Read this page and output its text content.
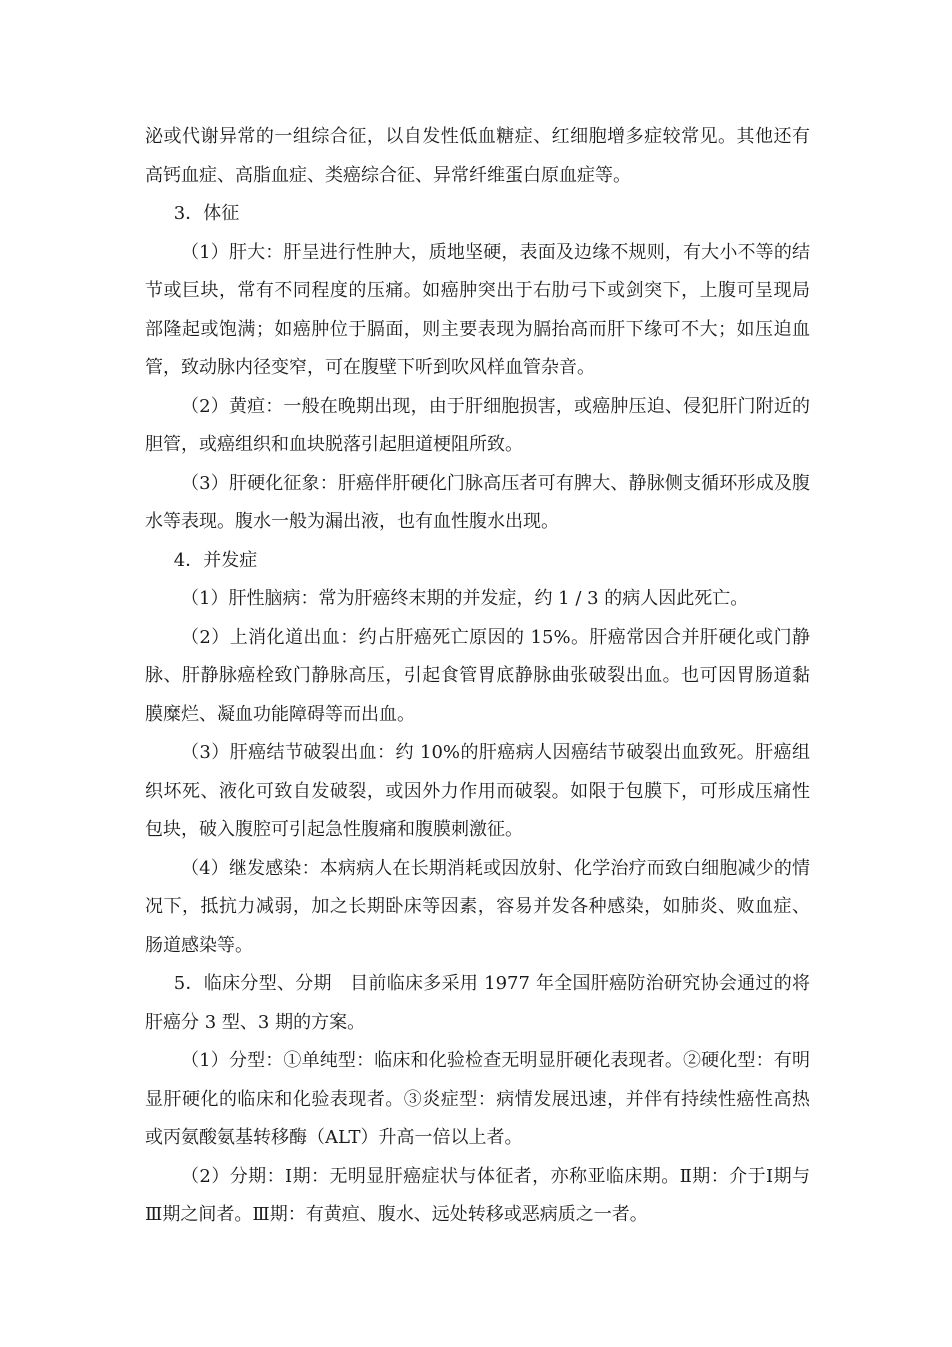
泌或代谢异常的一组综合征，以自发性低血糖症、红细胞增多症较常见。其他还有高钙血症、高脂血症、类癌综合征、异常纤维蛋白原血症等。

3．体征

（1）肝大：肝呈进行性肿大，质地坚硬，表面及边缘不规则，有大小不等的结节或巨块，常有不同程度的压痛。如癌肿突出于右肋弓下或剑突下，上腹可呈现局部隆起或饱满；如癌肿位于膈面，则主要表现为膈抬高而肝下缘可不大；如压迫血管，致动脉内径变窄，可在腹壁下听到吹风样血管杂音。

（2）黄疸：一般在晚期出现，由于肝细胞损害，或癌肿压迫、侵犯肝门附近的胆管，或癌组织和血块脱落引起胆道梗阻所致。

（3）肝硬化征象：肝癌伴肝硬化门脉高压者可有脾大、静脉侧支循环形成及腹水等表现。腹水一般为漏出液，也有血性腹水出现。

4．并发症

（1）肝性脑病：常为肝癌终末期的并发症，约 1 / 3 的病人因此死亡。

（2）上消化道出血：约占肝癌死亡原因的 15%。肝癌常因合并肝硬化或门静脉、肝静脉癌栓致门静脉高压，引起食管胃底静脉曲张破裂出血。也可因胃肠道黏膜糜烂、凝血功能障碍等而出血。

（3）肝癌结节破裂出血：约 10%的肝癌病人因癌结节破裂出血致死。肝癌组织坏死、液化可致自发破裂，或因外力作用而破裂。如限于包膜下，可形成压痛性包块，破入腹腔可引起急性腹痛和腹膜刺激征。

（4）继发感染：本病病人在长期消耗或因放射、化学治疗而致白细胞减少的情况下，抵抗力减弱，加之长期卧床等因素，容易并发各种感染，如肺炎、败血症、肠道感染等。

5．临床分型、分期　目前临床多采用 1977 年全国肝癌防治研究协会通过的将肝癌分 3 型、3 期的方案。

（1）分型：①单纯型：临床和化验检查无明显肝硬化表现者。②硬化型：有明显肝硬化的临床和化验表现者。③炎症型：病情发展迅速，并伴有持续性癌性高热或丙氨酸氨基转移酶（ALT）升高一倍以上者。

（2）分期：Ⅰ期：无明显肝癌症状与体征者，亦称亚临床期。Ⅱ期：介于Ⅰ期与Ⅲ期之间者。Ⅲ期：有黄疸、腹水、远处转移或恶病质之一者。
